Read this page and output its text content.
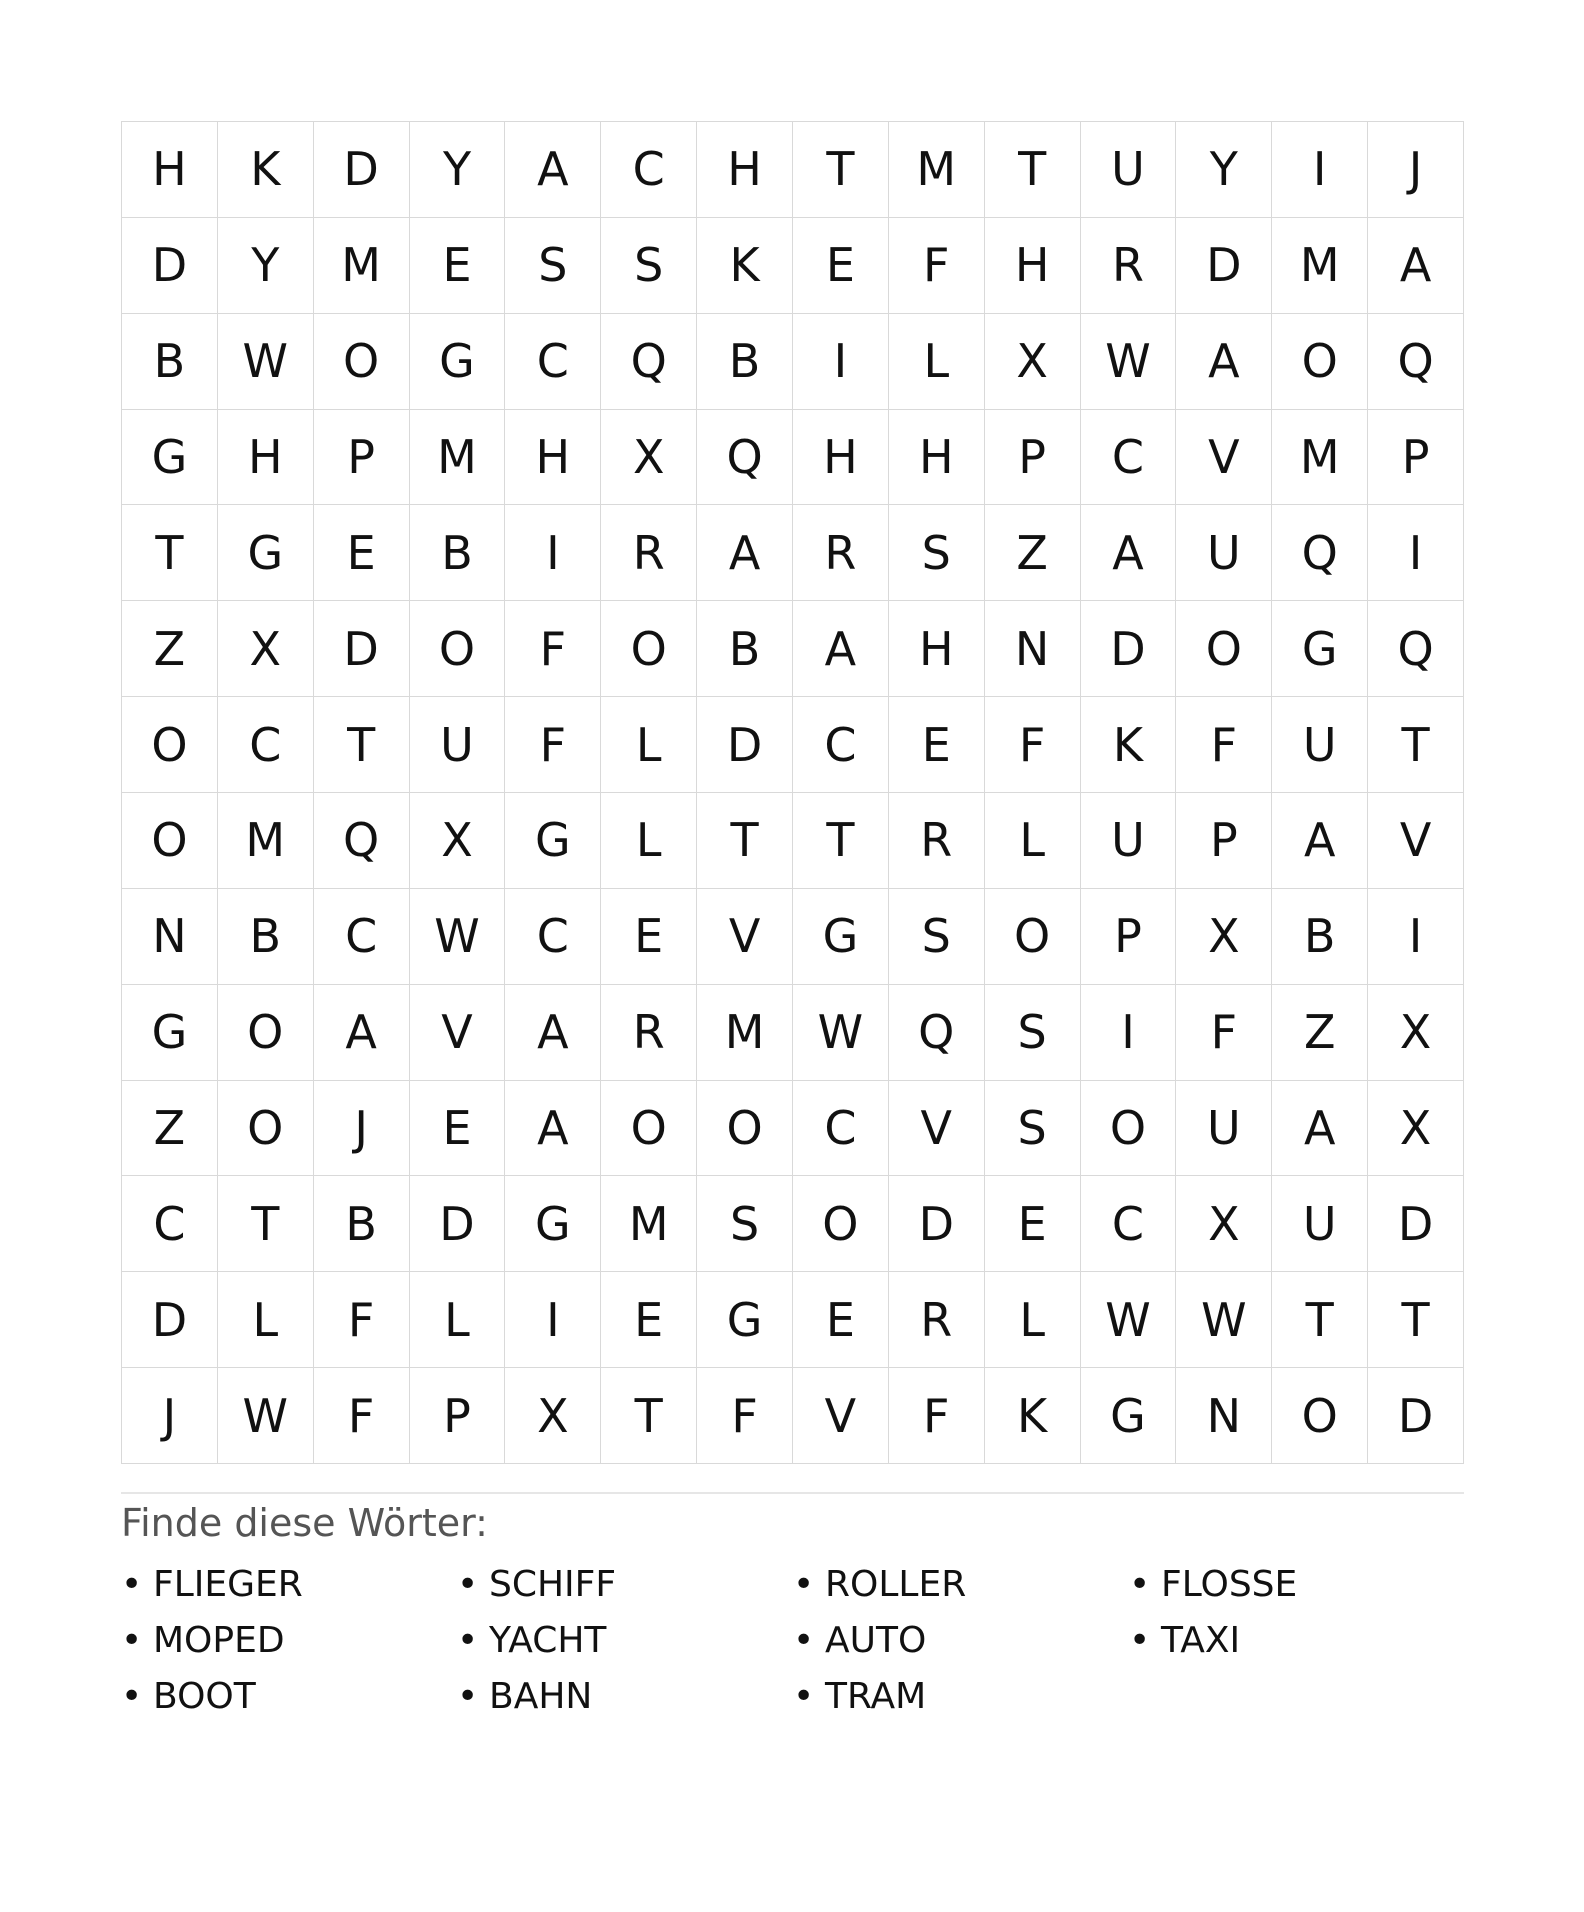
H	K	D	Y	A	C	H	T	M	T	U	Y	I	J
D	Y	M	E	S	S	K	E	F	H	R	D	M	A
B	W	O	G	C	Q	B	I	L	X	W	A	O	Q
G	H	P	M	H	X	Q	H	H	P	C	V	M	P
T	G	E	B	I	R	A	R	S	Z	A	U	Q	I
Z	X	D	O	F	O	B	A	H	N	D	O	G	Q
O	C	T	U	F	L	D	C	E	F	K	F	U	T
O	M	Q	X	G	L	T	T	R	L	U	P	A	V
N	B	C	W	C	E	V	G	S	O	P	X	B	I
G	O	A	V	A	R	M	W	Q	S	I	F	Z	X
Z	O	J	E	A	O	O	C	V	S	O	U	A	X
C	T	B	D	G	M	S	O	D	E	C	X	U	D
D	L	F	L	I	E	G	E	R	L	W	W	T	T
J	W	F	P	X	T	F	V	F	K	G	N	O	D
Finde diese Wörter:
• FLIEGER	• SCHIFF	• ROLLER	• FLOSSE
• MOPED	• YACHT	• AUTO	• TAXI
• BOOT	• BAHN	• TRAM
